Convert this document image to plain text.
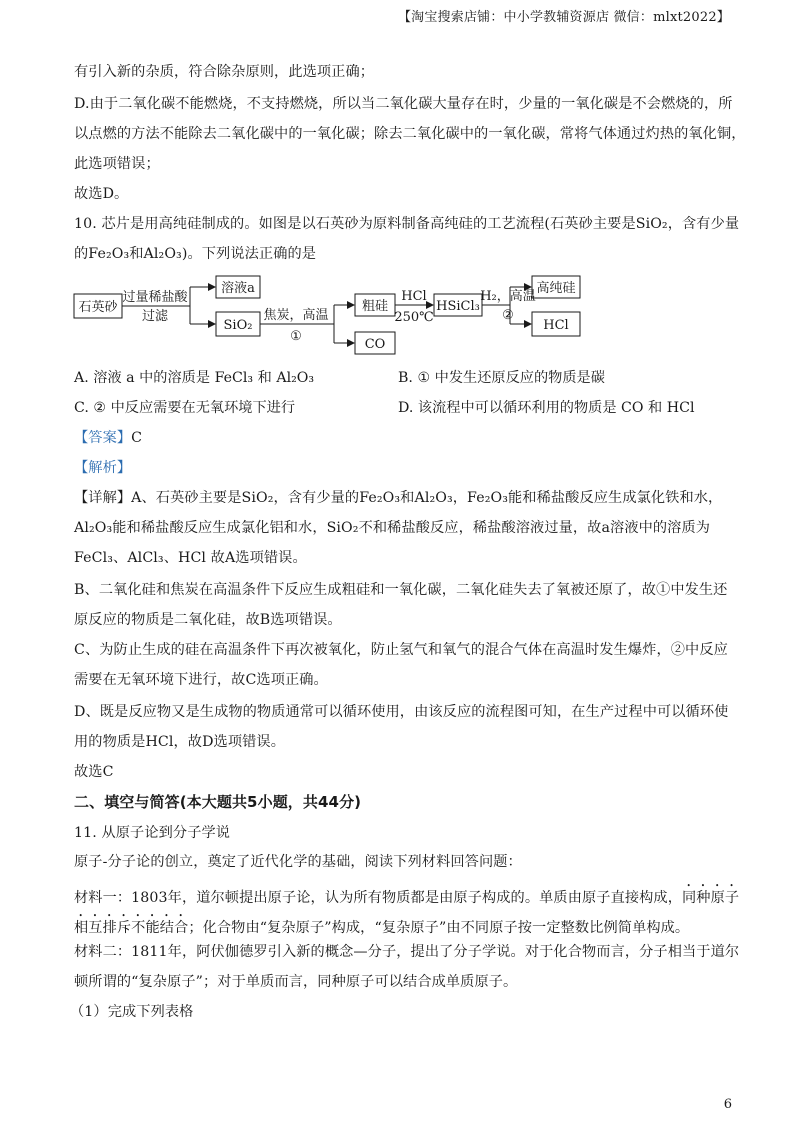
【淘宝搜索店铺：中小学教辅资源店 微信：mlxt2022】
有引入新的杂质，符合除杂原则，此选项正确；
D.由于二氧化碳不能燃烧，不支持燃烧，所以当二氧化碳大量存在时，少量的一氧化碳是不会燃烧的，所
以点燃的方法不能除去二氧化碳中的一氧化碳；除去二氧化碳中的一氧化碳，常将气体通过灼热的氧化铜，
此选项错误；
故选D。
10. 芯片是用高纯硅制成的。如图是以石英砂为原料制备高纯硅的工艺流程(石英砂主要是SiO₂，含有少量
的Fe₂O₃和Al₂O₃)。下列说法正确的是
石英砂
过量稀盐酸
过滤
溶液a
SiO₂
焦炭，高温
①
粗硅
CO
HCl
250℃
HSiCl₃
H₂，高温
②
高纯硅
HCl
A. 溶液 a 中的溶质是 FeCl₃ 和 Al₂O₃	B. ① 中发生还原反应的物质是碳
C. ② 中反应需要在无氧环境下进行	D. 该流程中可以循环利用的物质是 CO 和 HCl
【答案】C
【解析】
【详解】A、石英砂主要是SiO₂，含有少量的Fe₂O₃和Al₂O₃，Fe₂O₃能和稀盐酸反应生成氯化铁和水，
Al₂O₃能和稀盐酸反应生成氯化铝和水，SiO₂不和稀盐酸反应，稀盐酸溶液过量，故a溶液中的溶质为
FeCl₃、AlCl₃、HCl 故A选项错误。
B、二氧化硅和焦炭在高温条件下反应生成粗硅和一氧化碳，二氧化硅失去了氧被还原了，故①中发生还
原反应的物质是二氧化硅，故B选项错误。
C、为防止生成的硅在高温条件下再次被氧化，防止氢气和氧气的混合气体在高温时发生爆炸，②中反应
需要在无氧环境下进行，故C选项正确。
D、既是反应物又是生成物的物质通常可以循环使用，由该反应的流程图可知，在生产过程中可以循环使
用的物质是HCl，故D选项错误。
故选C
二、填空与简答(本大题共5小题，共44分)
11. 从原子论到分子学说
原子-分子论的创立，奠定了近代化学的基础，阅读下列材料回答问题：
材料一：1803年，道尔顿提出原子论，认为所有物质都是由原子构成的。单质由原子直接构成，同种原子
相互排斥不能结合；化合物由“复杂原子”构成，“复杂原子”由不同原子按一定整数比例简单构成。
材料二：1811年，阿伏伽德罗引入新的概念—分子，提出了分子学说。对于化合物而言，分子相当于道尔
顿所谓的“复杂原子”；对于单质而言，同种原子可以结合成单质原子。
（1）完成下列表格
6
